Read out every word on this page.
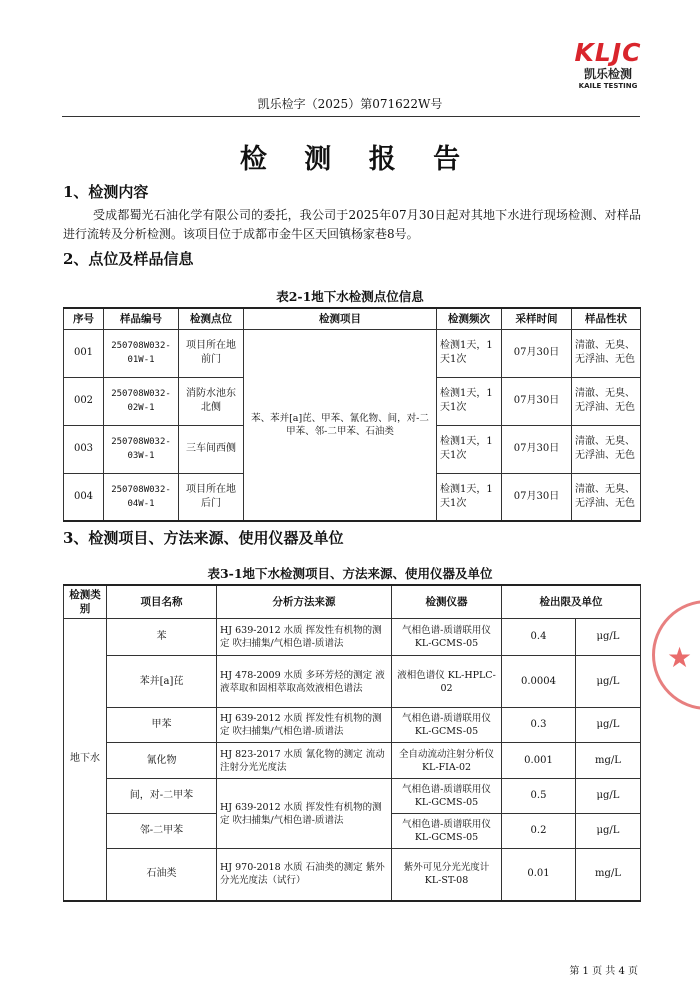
KLJC
凯乐检测
KAILE TESTING
凯乐检字（2025）第071622W号
检 测 报 告
1、检测内容
受成都蜀光石油化学有限公司的委托，我公司于2025年07月30日起对其地下水进行现场检测、对样品进行流转及分析检测。该项目位于成都市金牛区天回镇杨家巷8号。
2、点位及样品信息
表2-1地下水检测点位信息
序号	样品编号	检测点位	检测项目	检测频次	采样时间	样品性状
001	250708W032-01W-1	项目所在地前门	苯、苯并[a]芘、甲苯、氰化物、间，对-二甲苯、邻-二甲苯、石油类	检测1天，1天1次	07月30日	清澈、无臭、无浮油、无色
002	250708W032-02W-1	消防水池东北侧		检测1天，1天1次	07月30日	清澈、无臭、无浮油、无色
003	250708W032-03W-1	三车间西侧		检测1天，1天1次	07月30日	清澈、无臭、无浮油、无色
004	250708W032-04W-1	项目所在地后门		检测1天，1天1次	07月30日	清澈、无臭、无浮油、无色
3、检测项目、方法来源、使用仪器及单位
表3-1地下水检测项目、方法来源、使用仪器及单位
检测类别	项目名称	分析方法来源	检测仪器	检出限及单位	
地下水	苯	HJ 639-2012 水质 挥发性有机物的测定 吹扫捕集/气相色谱-质谱法	气相色谱-质谱联用仪 KL-GCMS-05	0.4	μg/L
	苯并[a]芘	HJ 478-2009 水质 多环芳烃的测定 液液萃取和固相萃取高效液相色谱法	液相色谱仪 KL-HPLC-02	0.0004	μg/L
	甲苯	HJ 639-2012 水质 挥发性有机物的测定 吹扫捕集/气相色谱-质谱法	气相色谱-质谱联用仪 KL-GCMS-05	0.3	μg/L
	氰化物	HJ 823-2017 水质 氰化物的测定 流动注射分光光度法	全自动流动注射分析仪 KL-FIA-02	0.001	mg/L
	间，对-二甲苯	HJ 639-2012 水质 挥发性有机物的测定 吹扫捕集/气相色谱-质谱法	气相色谱-质谱联用仪 KL-GCMS-05	0.5	μg/L
	邻-二甲苯		气相色谱-质谱联用仪 KL-GCMS-05	0.2	μg/L
	石油类	HJ 970-2018 水质 石油类的测定 紫外分光光度法（试行）	紫外可见分光光度计 KL-ST-08	0.01	mg/L
★
第 1 页 共 4 页
